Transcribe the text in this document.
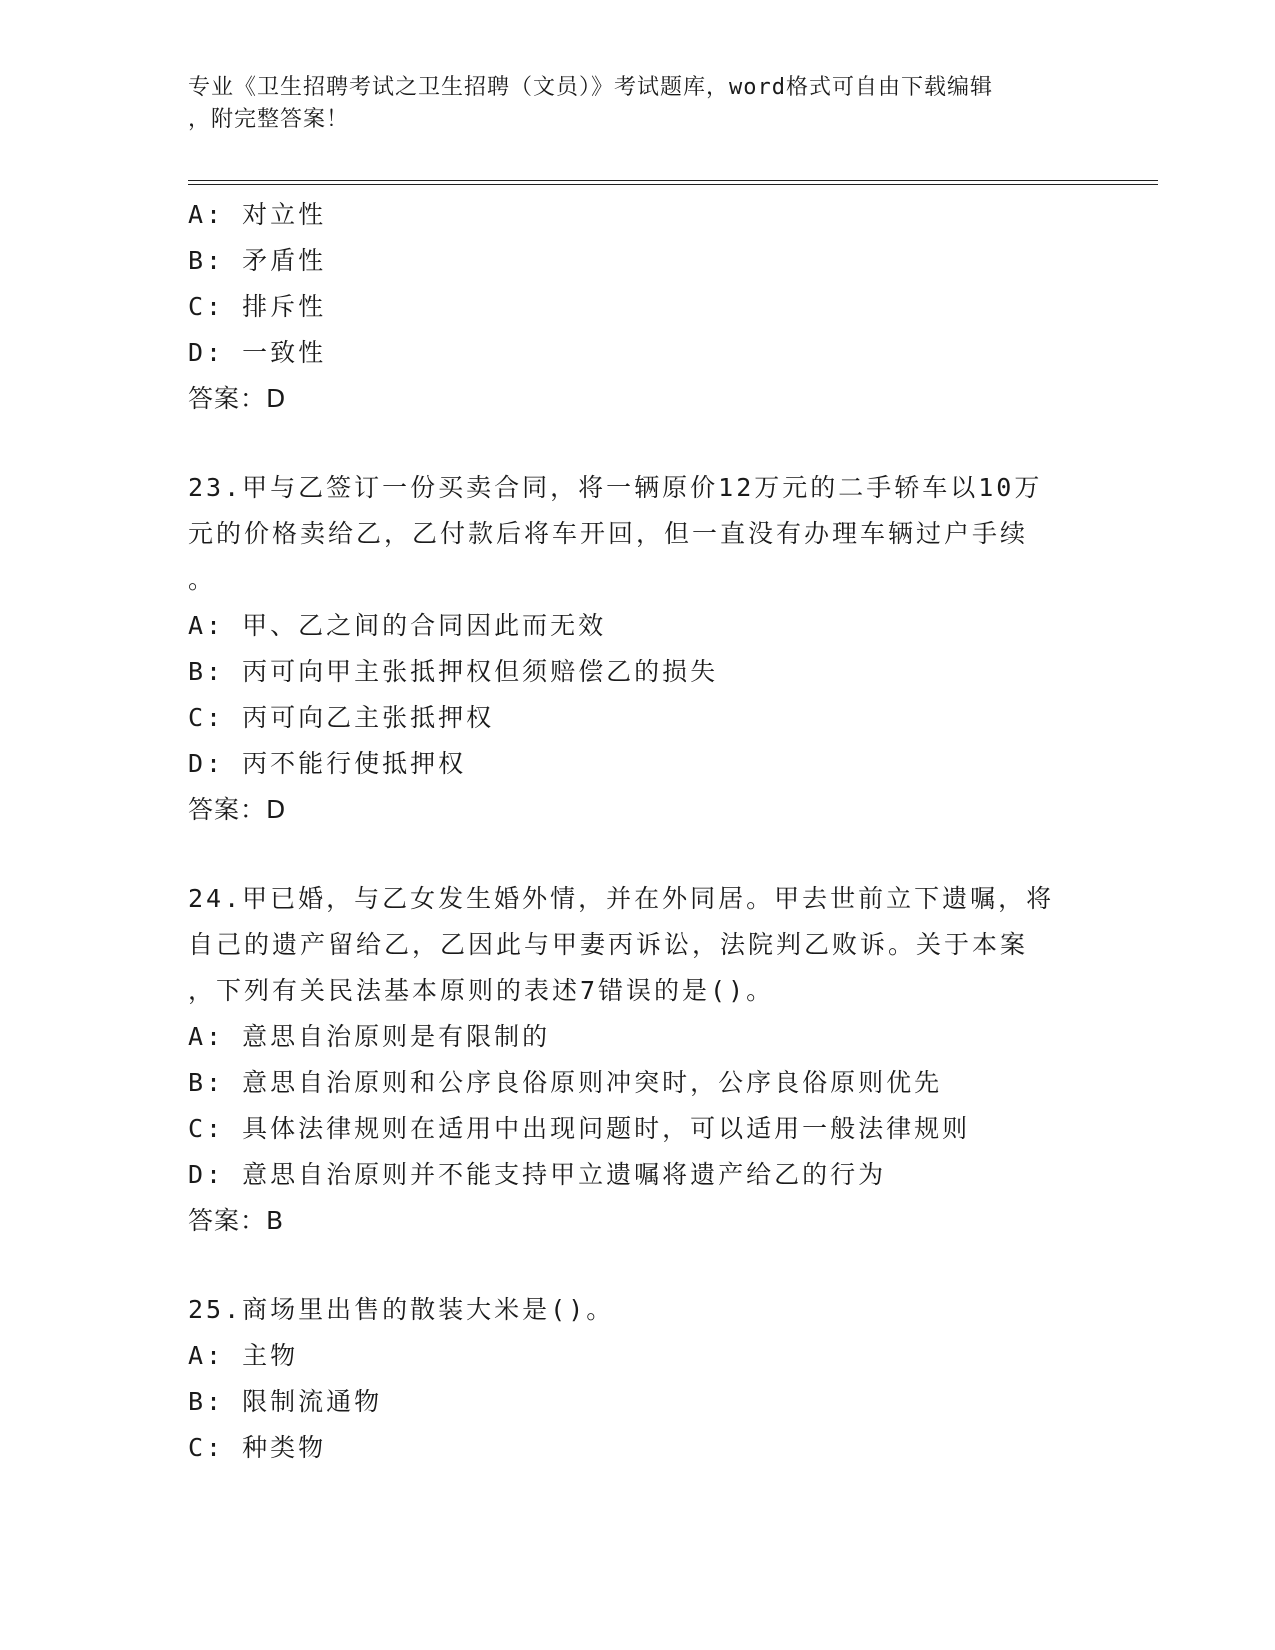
专业《卫生招聘考试之卫生招聘（文员）》考试题库，word格式可自由下载编辑
，附完整答案！
A: 对立性
B: 矛盾性
C: 排斥性
D: 一致性
答案：D
23.甲与乙签订一份买卖合同，将一辆原价12万元的二手轿车以10万
元的价格卖给乙，乙付款后将车开回，但一直没有办理车辆过户手续
。
A: 甲、乙之间的合同因此而无效
B: 丙可向甲主张抵押权但须赔偿乙的损失
C: 丙可向乙主张抵押权
D: 丙不能行使抵押权
答案：D
24.甲已婚，与乙女发生婚外情，并在外同居。甲去世前立下遗嘱，将
自己的遗产留给乙，乙因此与甲妻丙诉讼，法院判乙败诉。关于本案
，下列有关民法基本原则的表述7错误的是()。
A: 意思自治原则是有限制的
B: 意思自治原则和公序良俗原则冲突时，公序良俗原则优先
C: 具体法律规则在适用中出现问题时，可以适用一般法律规则
D: 意思自治原则并不能支持甲立遗嘱将遗产给乙的行为
答案：B
25.商场里出售的散装大米是()。
A: 主物
B: 限制流通物
C: 种类物
